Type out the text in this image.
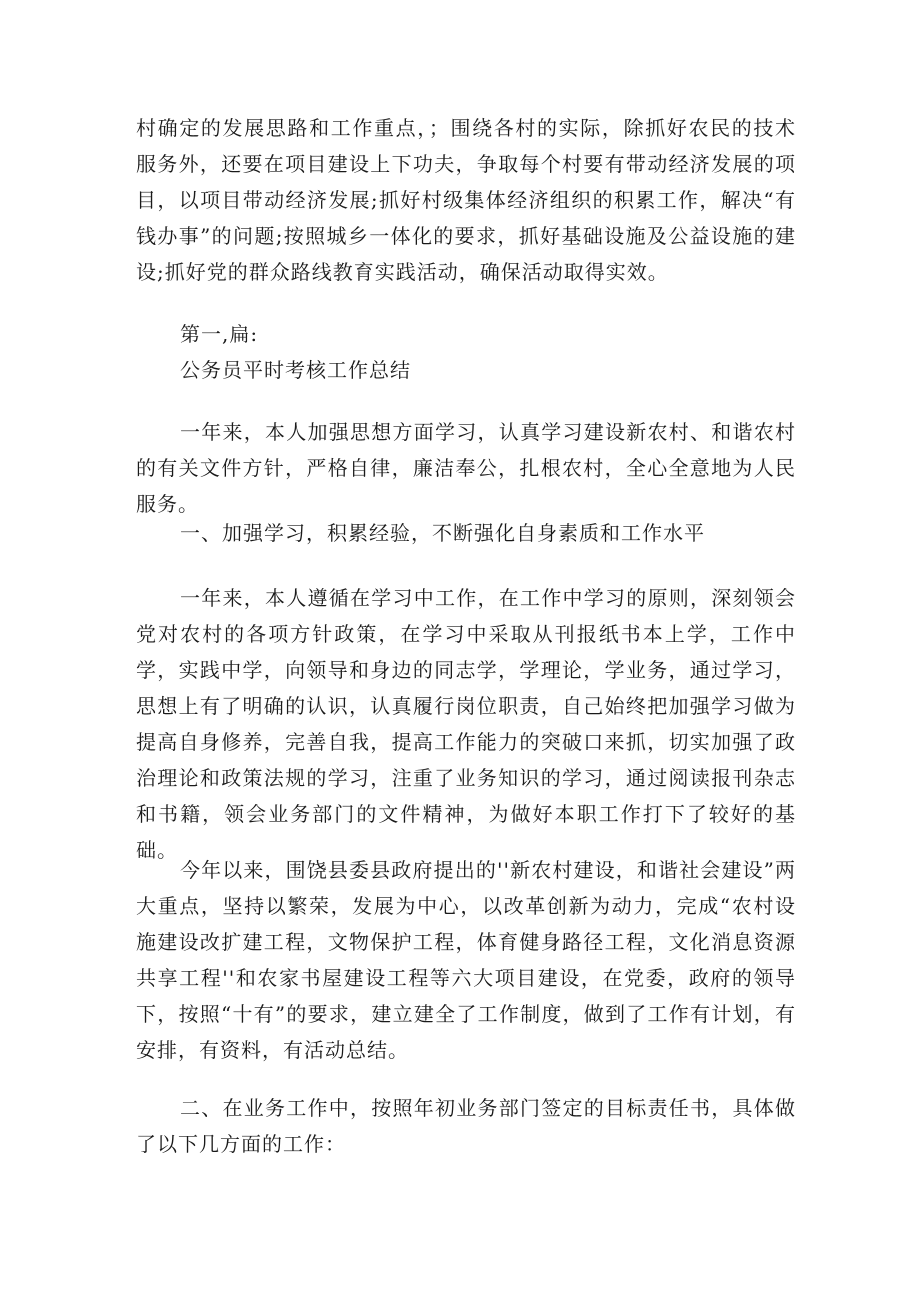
村确定的发展思路和工作重点，；围绕各村的实际，除抓好农民的技术服务外，还要在项目建设上下功夫，争取每个村要有带动经济发展的项目，以项目带动经济发展;抓好村级集体经济组织的积累工作，解决“有钱办事”的问题;按照城乡一体化的要求，抓好基础设施及公益设施的建设;抓好党的群众路线教育实践活动，确保活动取得实效。

第一,扁:

公务员平时考核工作总结

一年来，本人加强思想方面学习，认真学习建设新农村、和谐农村的有关文件方针，严格自律，廉洁奉公，扎根农村，全心全意地为人民服务。

一、加强学习，积累经验，不断强化自身素质和工作水平

一年来，本人遵循在学习中工作，在工作中学习的原则，深刻领会党对农村的各项方针政策，在学习中采取从刊报纸书本上学，工作中学，实践中学，向领导和身边的同志学，学理论，学业务，通过学习，思想上有了明确的认识，认真履行岗位职责，自己始终把加强学习做为提高自身修养，完善自我，提高工作能力的突破口来抓，切实加强了政治理论和政策法规的学习，注重了业务知识的学习，通过阅读报刊杂志和书籍，领会业务部门的文件精神，为做好本职工作打下了较好的基础。

今年以来，围饶县委县政府提出的''新农村建设，和谐社会建设”两大重点，坚持以繁荣，发展为中心，以改革创新为动力，完成“农村设施建设改扩建工程，文物保护工程，体育健身路径工程，文化消息资源共享工程''和农家书屋建设工程等六大项目建设，在党委，政府的领导下，按照“十有”的要求，建立建全了工作制度，做到了工作有计划，有安排，有资料，有活动总结。

二、在业务工作中，按照年初业务部门签定的目标责任书，具体做了以下几方面的工作：
